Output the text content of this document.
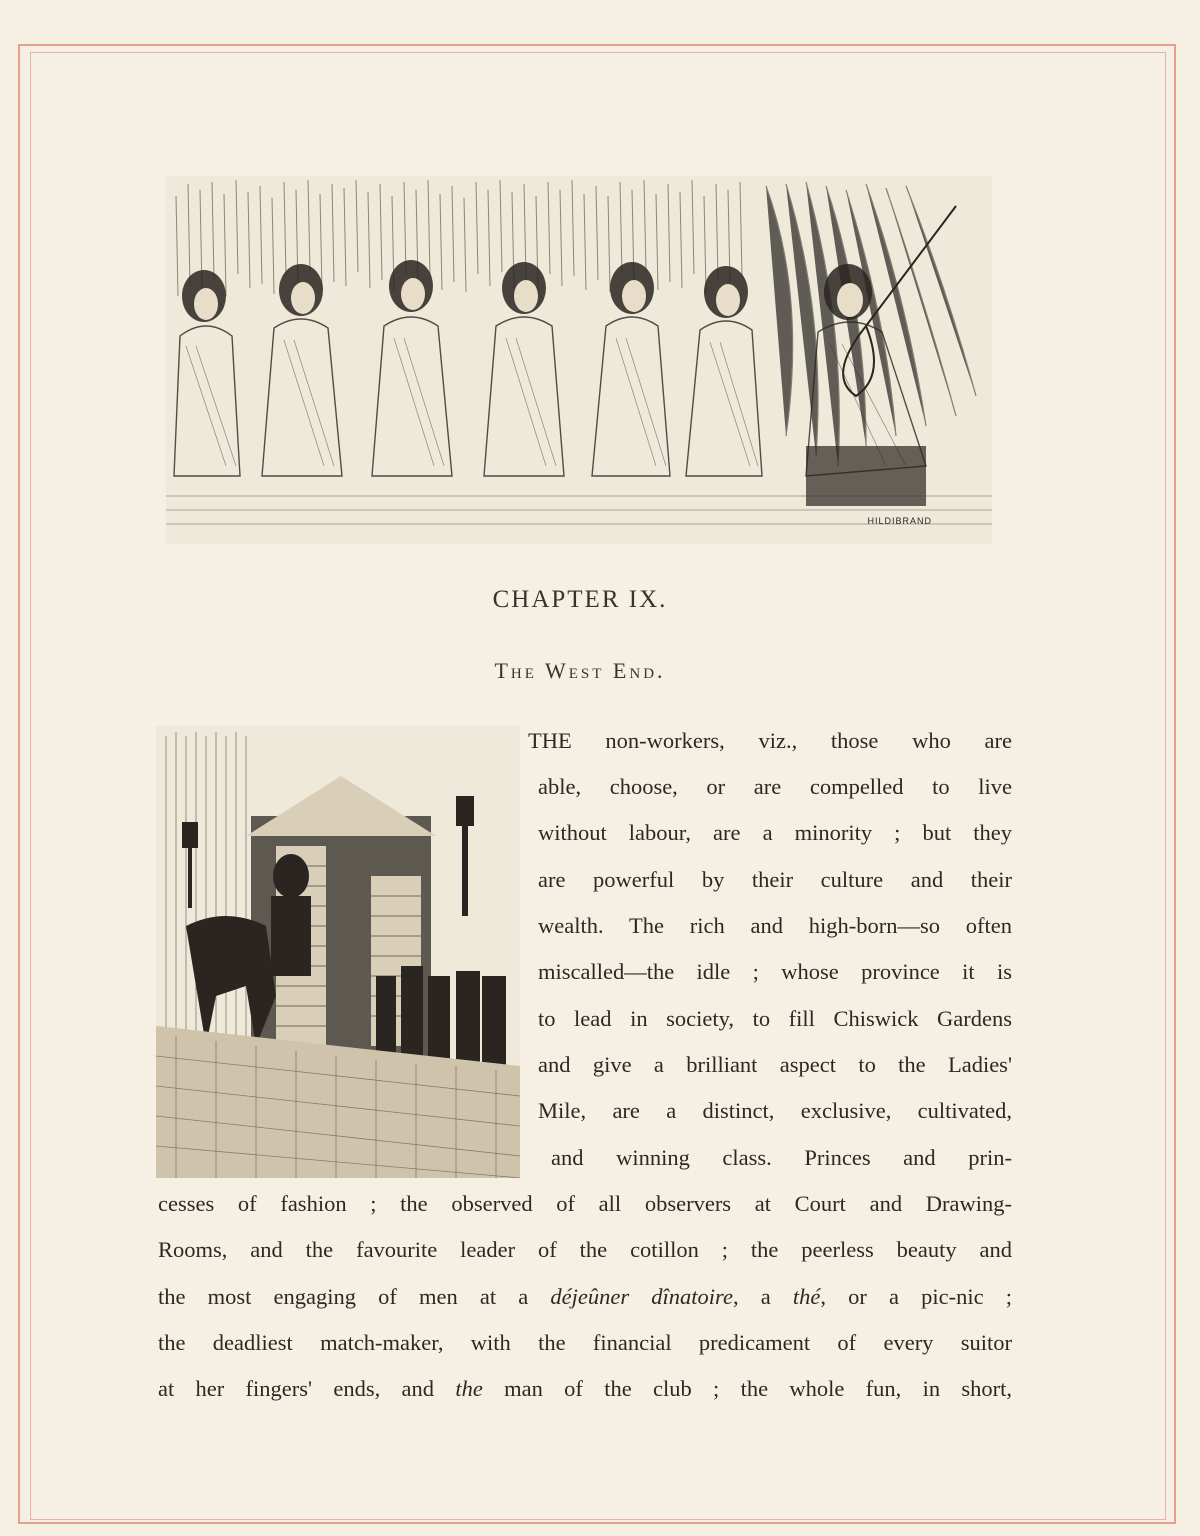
HILDIBRAND
CHAPTER IX.
The West End.
THE non-workers, viz., those who are
able, choose, or are compelled to live
without labour, are a minority ; but they
are powerful by their culture and their
wealth. The rich and high-born—so often
miscalled—the idle ; whose province it is
to lead in society, to fill Chiswick Gardens
and give a brilliant aspect to the Ladies'
Mile, are a distinct, exclusive, cultivated,
and winning class. Princes and prin-
cesses of fashion ; the observed of all observers at Court and Drawing-
Rooms, and the favourite leader of the cotillon ; the peerless beauty and
the most engaging of men at a déjeûner dînatoire, a thé, or a pic-nic ;
the deadliest match-maker, with the financial predicament of every suitor
at her fingers' ends, and the man of the club ; the whole fun, in short,
